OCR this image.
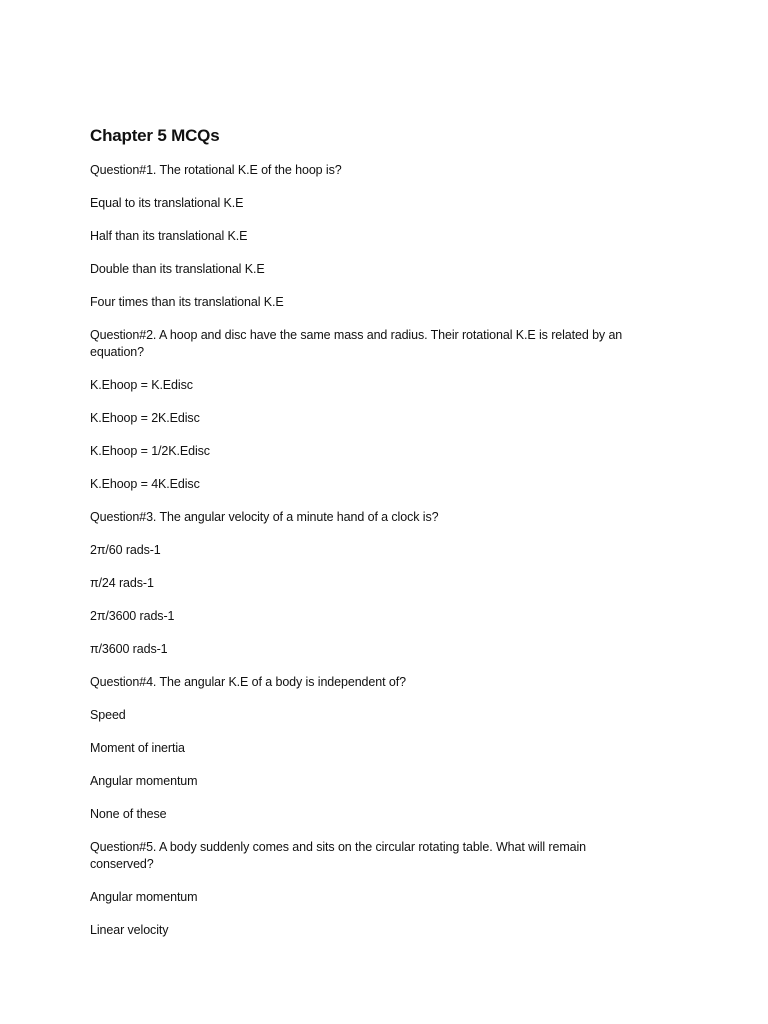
Chapter 5 MCQs
Question#1. The rotational K.E of the hoop is?
Equal to its translational K.E
Half than its translational K.E
Double than its translational K.E
Four times than its translational K.E
Question#2. A hoop and disc have the same mass and radius. Their rotational K.E is related by an equation?
K.Ehoop = K.Edisc
K.Ehoop = 2K.Edisc
K.Ehoop = 1/2K.Edisc
K.Ehoop = 4K.Edisc
Question#3. The angular velocity of a minute hand of a clock is?
2π/60 rads-1
π/24 rads-1
2π/3600 rads-1
π/3600 rads-1
Question#4. The angular K.E of a body is independent of?
Speed
Moment of inertia
Angular momentum
None of these
Question#5. A body suddenly comes and sits on the circular rotating table. What will remain conserved?
Angular momentum
Linear velocity
